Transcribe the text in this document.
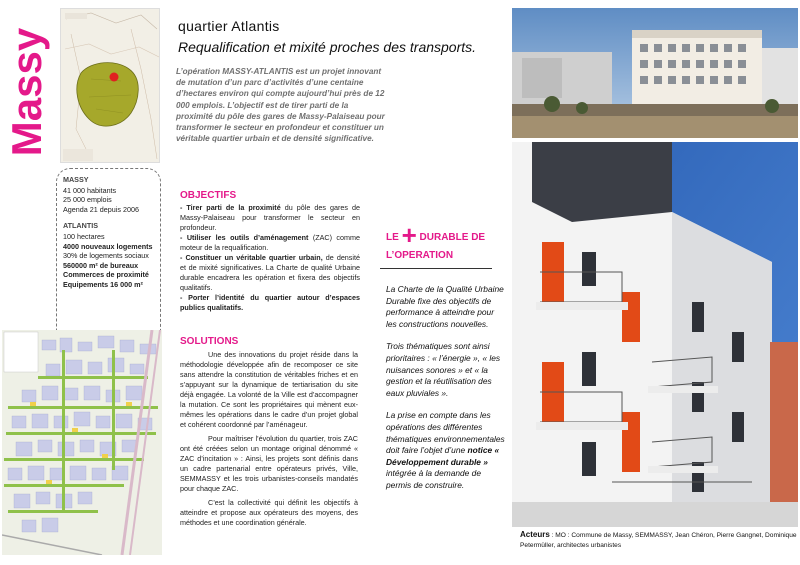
Massy
MASSY
41 000 habitants
25 000 emplois
Agenda 21 depuis 2006
ATLANTIS
100 hectares
4000 nouveaux logements
30% de logements sociaux
560000 m² de bureaux
Commerces de proximité
Equipements 16 000 m²
quartier Atlantis
Requalification et mixité proches des transports.
L’opération MASSY-ATLANTIS est un projet innovant de mutation d’un parc d’activités d’une centaine d’hectares environ qui compte aujourd’hui près de 12 000 emplois. L’objectif est de tirer parti de la proximité du pôle des gares de Massy-Palaiseau pour transformer le secteur en profondeur et constituer un véritable quartier urbain et de densité significative.
OBJECTIFS

- Tirer parti de la proximité du pôle des gares de Massy-Palaiseau pour transformer le secteur en profondeur.

- Utiliser les outils d’aménagement (ZAC) comme moteur de la requalification.

- Constituer un véritable quartier urbain, de densité et de mixité significatives. La Charte de qualité Urbaine durable encadrera les opération et fixera des objectifs qualitatifs.

- Porter l’identité du quartier autour d’espaces publics qualitatifs.

SOLUTIONS

Une des innovations du projet réside dans la méthodologie développée afin de recomposer ce site sans attendre la constitution de véritables friches et en s’appuyant sur la dynamique de tertiarisation du site déjà engagée. La volonté de la Ville est d’accompagner la mutation. Ce sont les propriétaires qui mènent eux-mêmes les opérations dans le cadre d’un projet global et cohérent coordonné par l’aménageur.

Pour maîtriser l’évolution du quartier, trois ZAC ont été créées selon un montage original dénommé « ZAC d’incitation » : Ainsi, les projets sont définis dans un cadre partenarial entre opérateurs privés, Ville, SEMMASSY et les trois urbanistes-conseils mandatés pour chaque ZAC.

C’est la collectivité qui définit les objectifs à atteindre et propose aux opérateurs des moyens, des méthodes et une coordination générale.

LE + DURABLE DE
L’OPERATION

La Charte de la Qualité Urbaine Durable fixe des objectifs de performance à atteindre pour les constructions nouvelles.

Trois thématiques sont ainsi prioritaires : « l’énergie », « les nuisances sonores » et « la gestion et la réutilisation des eaux pluviales ».

La prise en compte dans les opérations des différentes thématiques environnementales doit faire l’objet d’une notice « Développement durable » intégrée à la demande de permis de construire.

Acteurs : MO : Commune de Massy, SEMMASSY, Jean Chéron, Pierre Gangnet, Dominique Petermüller, architectes urbanistes
